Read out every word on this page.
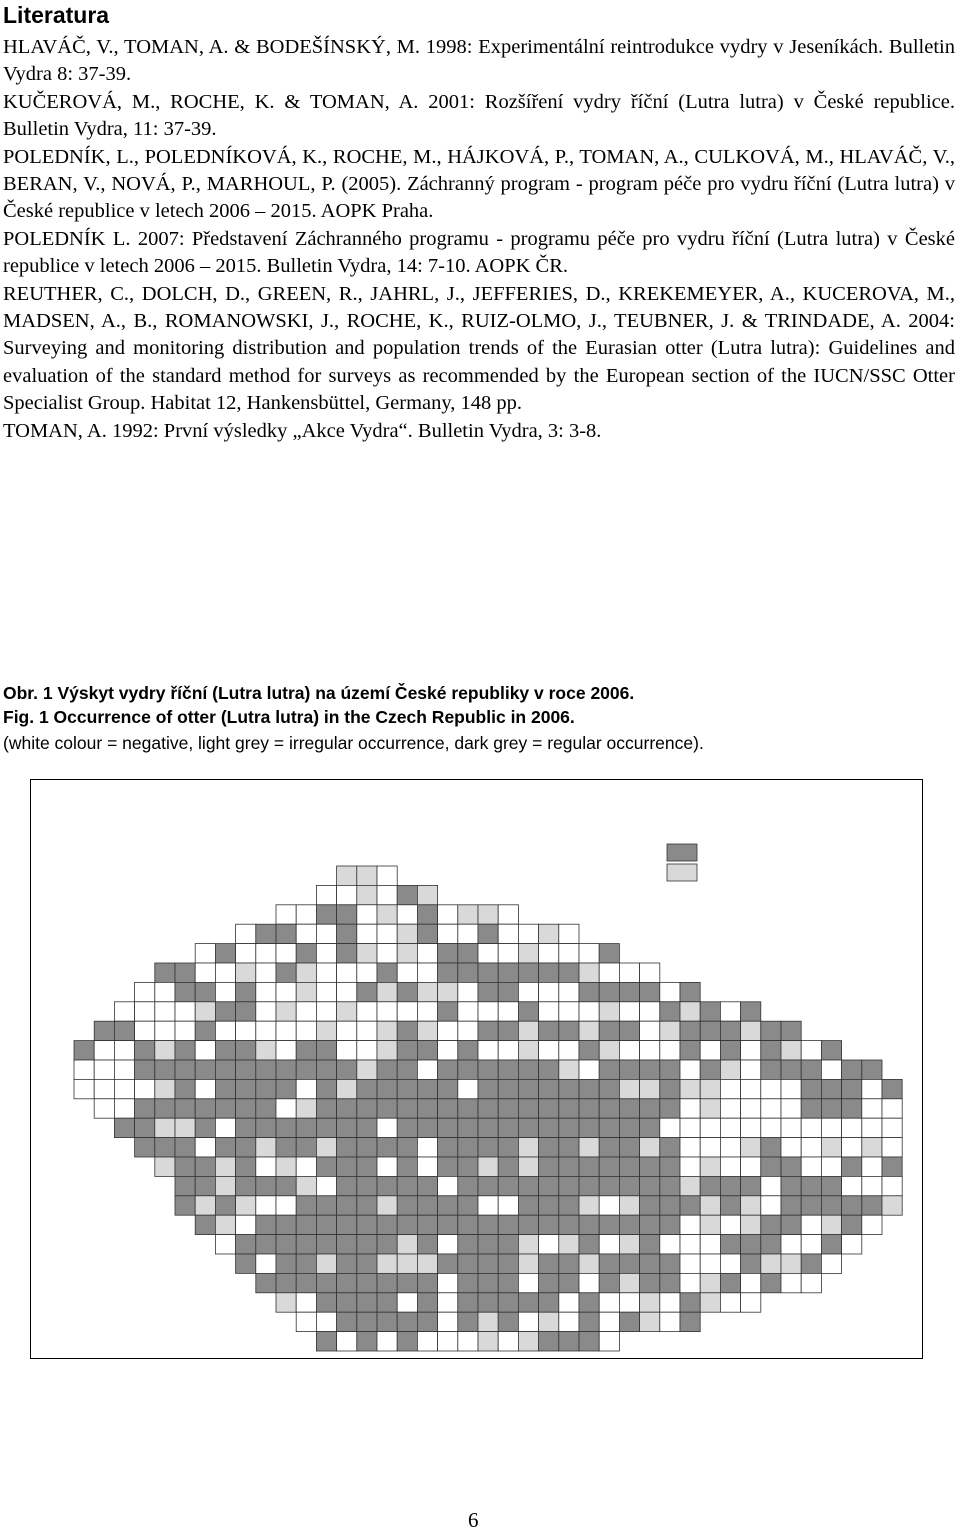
Literatura

HLAVÁČ, V., TOMAN, A. & BODEŠÍNSKÝ, M. 1998: Experimentální reintrodukce vydry v Jeseníkách. Bulletin Vydra 8: 37-39.

KUČEROVÁ, M., ROCHE, K. & TOMAN, A. 2001: Rozšíření vydry říční (Lutra lutra) v České republice. Bulletin Vydra, 11: 37-39.

POLEDNÍK, L., POLEDNÍKOVÁ, K., ROCHE, M., HÁJKOVÁ, P., TOMAN, A., CULKOVÁ, M., HLAVÁČ, V., BERAN, V., NOVÁ, P., MARHOUL, P. (2005). Záchranný program - program péče pro vydru říční (Lutra lutra) v České republice v letech 2006 – 2015. AOPK Praha.

POLEDNÍK L. 2007: Představení Záchranného programu - programu péče pro vydru říční (Lutra lutra) v České republice v letech 2006 – 2015. Bulletin Vydra, 14: 7-10. AOPK ČR.

REUTHER, C., DOLCH, D., GREEN, R., JAHRL, J., JEFFERIES, D., KREKEMEYER, A., KUCEROVA, M., MADSEN, A., B., ROMANOWSKI, J., ROCHE, K., RUIZ-OLMO, J., TEUBNER, J. & TRINDADE, A. 2004: Surveying and monitoring distribution and population trends of the Eurasian otter (Lutra lutra): Guidelines and evaluation of the standard method for surveys as recommended by the European section of the IUCN/SSC Otter Specialist Group. Habitat 12, Hankensbüttel, Germany, 148 pp.

TOMAN, A. 1992: První výsledky „Akce Vydra“. Bulletin Vydra, 3: 3-8.

Obr. 1 Výskyt vydry říční (Lutra lutra) na území České republiky v roce 2006.
Fig. 1 Occurrence of otter (Lutra lutra) in the Czech Republic in 2006.
(white colour = negative, light grey = irregular occurrence, dark grey = regular occurrence).
6
